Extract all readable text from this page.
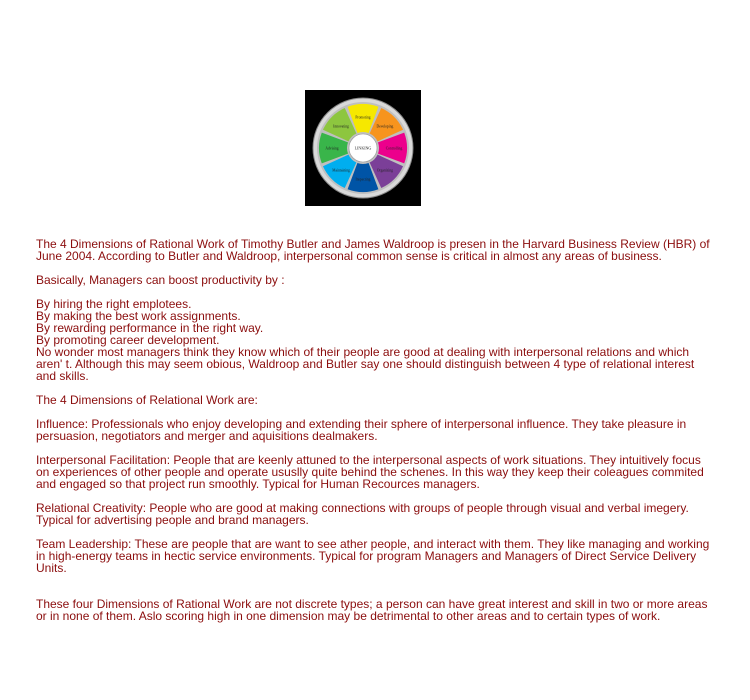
Promoting
Developing
Controlling
Organizing
Inspecting
Maintaining
Advising
Innovating
LINKING

The 4 Dimensions of Rational Work of Timothy Butler and James Waldroop is presen in the Harvard Business Review (HBR) of June 2004. According to Butler and Waldroop, interpersonal common sense is critical in almost any areas of business.

Basically, Managers can boost productivity by :

By hiring the right emplotees.
By making the best work assignments.
By rewarding performance in the right way.
By promoting career development.
No wonder most managers think they know which of their people are good at dealing with interpersonal relations and which aren' t. Although this may seem obious, Waldroop and Butler say one should distinguish between 4 type of relational interest and skills.

The 4 Dimensions of Relational Work are:

Influence: Professionals who enjoy developing and extending their sphere of interpersonal influence. They take pleasure in persuasion, negotiators and merger and aquisitions dealmakers.

Interpersonal Facilitation: People that are keenly attuned to the interpersonal aspects of work situations. They intuitively focus on experiences of other people and operate ususlly quite behind the schenes. In this way they keep their coleagues commited and engaged so that project run smoothly. Typical for Human Recources managers.

Relational Creativity: People who are good at making connections with groups of people through visual and verbal imegery. Typical for advertising people and brand managers.

Team Leadership: These are people that are want to see ather people, and interact with them. They like managing and working in high-energy teams in hectic service environments. Typical for program Managers and Managers of Direct Service Delivery Units.

These four Dimensions of Rational Work are not discrete types; a person can have great interest and skill in two or more areas or in none of them. Aslo scoring high in one dimension may be detrimental to other areas and to certain types of work.
